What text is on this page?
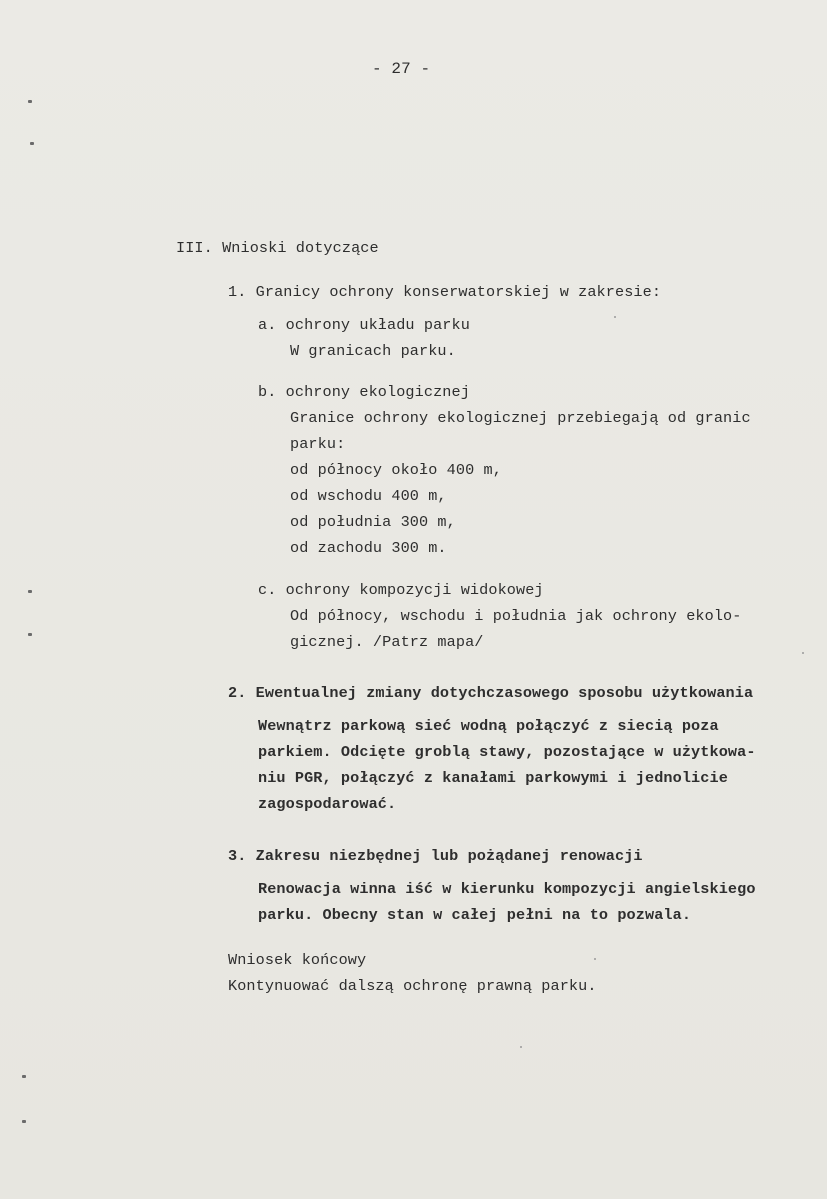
- 27 -
III. Wnioski dotyczące
1. Granicy ochrony konserwatorskiej w zakresie:
a. ochrony układu parku
W granicach parku.
b. ochrony ekologicznej
Granice ochrony ekologicznej przebiegają od granic
parku:
od północy około 400 m,
od wschodu 400 m,
od południa 300 m,
od zachodu 300 m.
c. ochrony kompozycji widokowej
Od północy, wschodu i południa jak ochrony ekolo-
gicznej. /Patrz mapa/
2. Ewentualnej zmiany dotychczasowego sposobu użytkowania
Wewnątrz parkową sieć wodną połączyć z siecią poza
parkiem. Odcięte groblą stawy, pozostające w użytkowa-
niu PGR, połączyć z kanałami parkowymi i jednolicie
zagospodarować.
3. Zakresu niezbędnej lub pożądanej renowacji
Renowacja winna iść w kierunku kompozycji angielskiego
parku. Obecny stan w całej pełni na to pozwala.
Wniosek końcowy
Kontynuować dalszą ochronę prawną parku.
